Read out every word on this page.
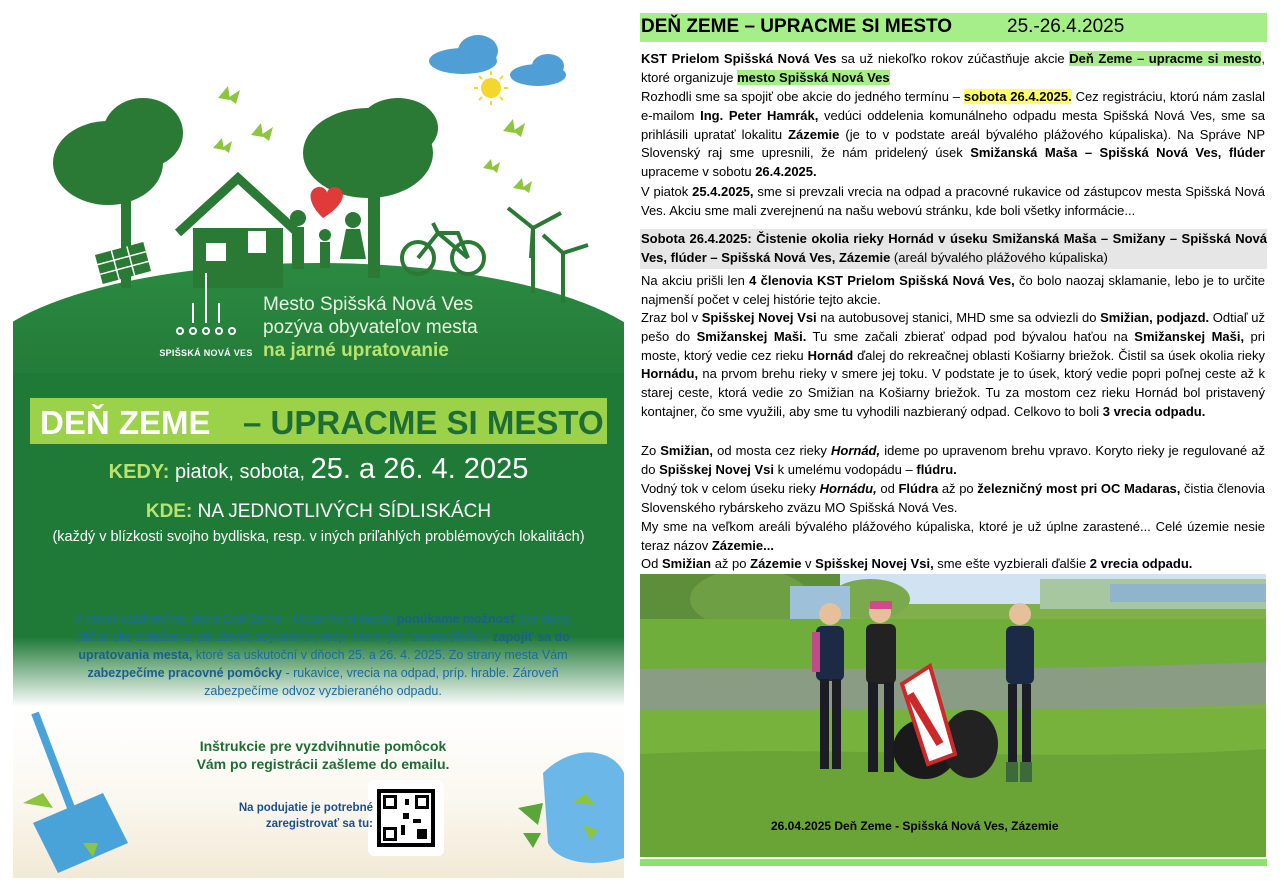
Mesto Spišská Nová Ves
pozýva obyvateľov mesta
na jarné upratovanie
SPIŠSKÁ NOVÁ VES
DEŇ ZEME – UPRACME SI MESTO
KEDY: piatok, sobota, 25. a 26. 4. 2025
KDE: NA JEDNOTLIVÝCH SÍDLISKÁCH
(každý v blízkosti svojho bydliska, resp. v iných priľahlých problémových lokalitách)
V rámci každoročnej akcie Deň Zeme - Upracme si mesto ponúkame možnosť pre školy, občianske združenia, združenia obyvateľov, resp. firemných dobrovoľníkov zapojiť sa do upratovania mesta, ktoré sa uskutoční v dňoch 25. a 26. 4. 2025. Zo strany mesta Vám zabezpečíme pracovné pomôcky - rukavice, vrecia na odpad, príp. hrable. Zároveň zabezpečíme odvoz vyzbieraného odpadu.
Inštrukcie pre vyzdvihnutie pomôcok
Vám po registrácii zašleme do emailu.
Na podujatie je potrebné
zaregistrovať sa tu:
DEŇ ZEME – UPRACME SI MESTO	25.-26.4.2025
KST Prielom Spišská Nová Ves sa už niekoľko rokov zúčastňuje akcie Deň Zeme – upracme si mesto, ktoré organizuje mesto Spišská Nová Ves
Rozhodli sme sa spojiť obe akcie do jedného termínu – sobota 26.4.2025. Cez registráciu, ktorú nám zaslal e-mailom Ing. Peter Hamrák, vedúci oddelenia komunálneho odpadu mesta Spišská Nová Ves, sme sa prihlásili upratať lokalitu Zázemie (je to v podstate areál bývalého plážového kúpaliska). Na Správe NP Slovenský raj sme upresnili, že nám pridelený úsek Smižanská Maša – Spišská Nová Ves, flúder upraceme v sobotu 26.4.2025.
V piatok 25.4.2025, sme si prevzali vrecia na odpad a pracovné rukavice od zástupcov mesta Spišská Nová Ves. Akciu sme mali zverejnenú na našu webovú stránku, kde boli všetky informácie...
Sobota 26.4.2025: Čistenie okolia rieky Hornád v úseku Smižanská Maša – Smižany – Spišská Nová Ves, flúder – Spišská Nová Ves, Zázemie (areál bývalého plážového kúpaliska)
Na akciu prišli len 4 členovia KST Prielom Spišská Nová Ves, čo bolo naozaj sklamanie, lebo je to určite najmenší počet v celej histórie tejto akcie.
Zraz bol v Spišskej Novej Vsi na autobusovej stanici, MHD sme sa odviezli do Smižian, podjazd. Odtiaľ už pešo do Smižanskej Maši. Tu sme začali zbierať odpad pod bývalou haťou na Smižanskej Maši, pri moste, ktorý vedie cez rieku Hornád ďalej do rekreačnej oblasti Košiarny briežok. Čistil sa úsek okolia rieky Hornádu, na prvom brehu rieky v smere jej toku. V podstate je to úsek, ktorý vedie popri poľnej ceste až k starej ceste, ktorá vedie zo Smižian na Košiarny briežok. Tu za mostom cez rieku Hornád bol pristavený kontajner, čo sme využili, aby sme tu vyhodili nazbieraný odpad. Celkovo to boli 3 vrecia odpadu.
Zo Smižian, od mosta cez rieky Hornád, ideme po upravenom brehu vpravo. Koryto rieky je regulované až do Spišskej Novej Vsi k umelému vodopádu – flúdru.
Vodný tok v celom úseku rieky Hornádu, od Flúdra až po železničný most pri OC Madaras, čistia členovia Slovenského rybárskeho zväzu MO Spišská Nová Ves.
My sme na veľkom areáli bývalého plážového kúpaliska, ktoré je už úplne zarastené... Celé územie nesie teraz názov Zázemie...
Od Smižian až po Zázemie v Spišskej Novej Vsi, sme ešte vyzbierali ďalšie 2 vrecia odpadu.
26.04.2025 Deň Zeme - Spišská Nová Ves, Zázemie
